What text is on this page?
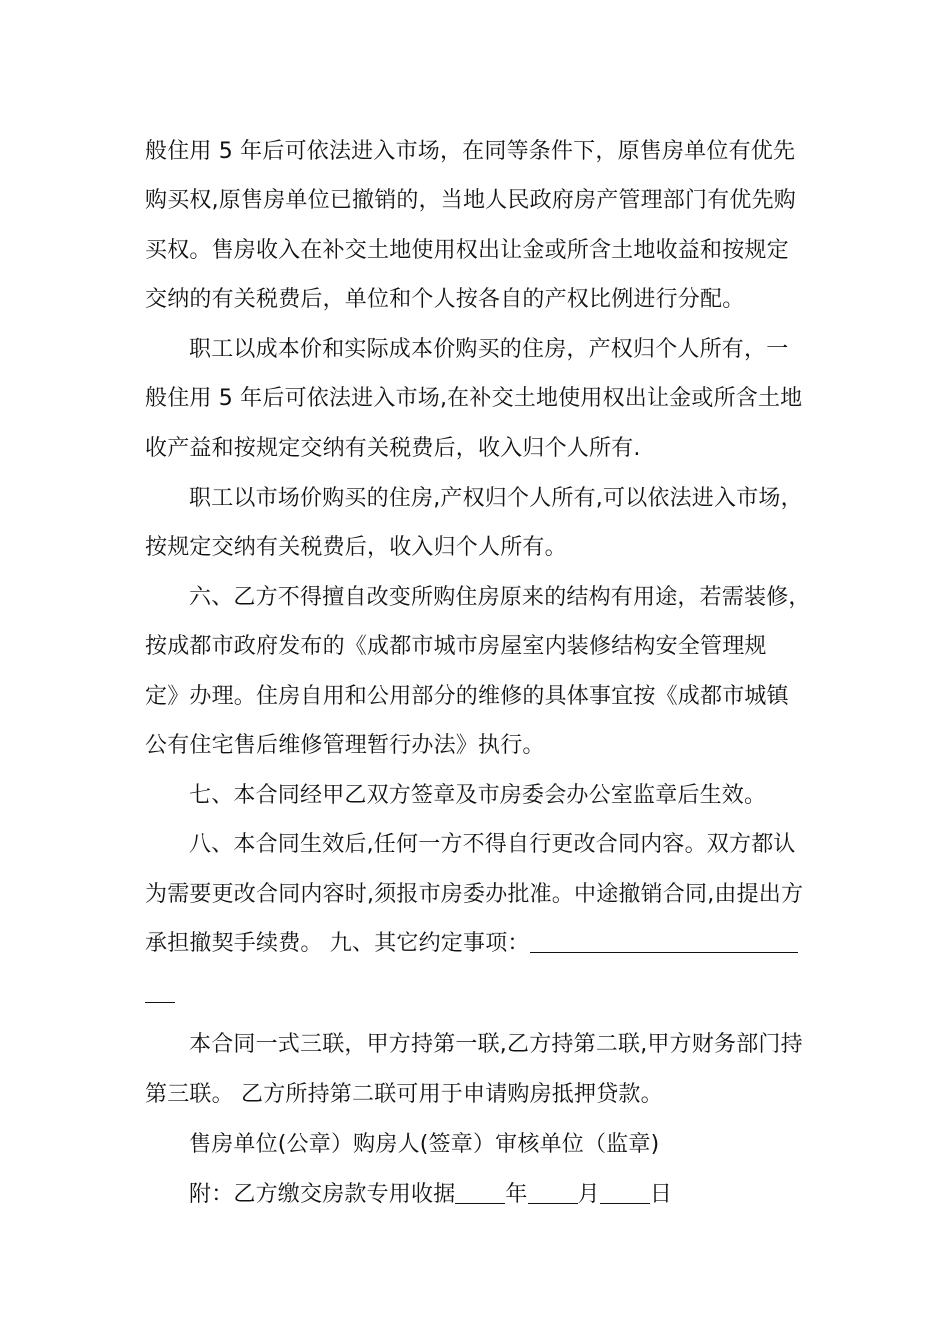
般住用 5 年后可依法进入市场，在同等条件下，原售房单位有优先
购买权,原售房单位已撤销的，当地人民政府房产管理部门有优先购
买权。售房收入在补交土地使用权出让金或所含土地收益和按规定
交纳的有关税费后，单位和个人按各自的产权比例进行分配。
职工以成本价和实际成本价购买的住房，产权归个人所有，一
般住用 5 年后可依法进入市场,在补交土地使用权出让金或所含土地
收产益和按规定交纳有关税费后，收入归个人所有.
职工以市场价购买的住房,产权归个人所有,可以依法进入市场，
按规定交纳有关税费后，收入归个人所有。
六、乙方不得擅自改变所购住房原来的结构有用途，若需装修，
按成都市政府发布的《成都市城市房屋室内装修结构安全管理规
定》办理。住房自用和公用部分的维修的具体事宜按《成都市城镇
公有住宅售后维修管理暂行办法》执行。
七、本合同经甲乙双方签章及市房委会办公室监章后生效。
八、本合同生效后,任何一方不得自行更改合同内容。双方都认
为需要更改合同内容时,须报市房委办批准。中途撤销合同,由提出方
承担撤契手续费。 九、其它约定事项：
本合同一式三联，甲方持第一联,乙方持第二联,甲方财务部门持
第三联。 乙方所持第二联可用于申请购房抵押贷款。
售房单位(公章）购房人(签章）审核单位（监章)
附：乙方缴交房款专用收据 年 月 日
